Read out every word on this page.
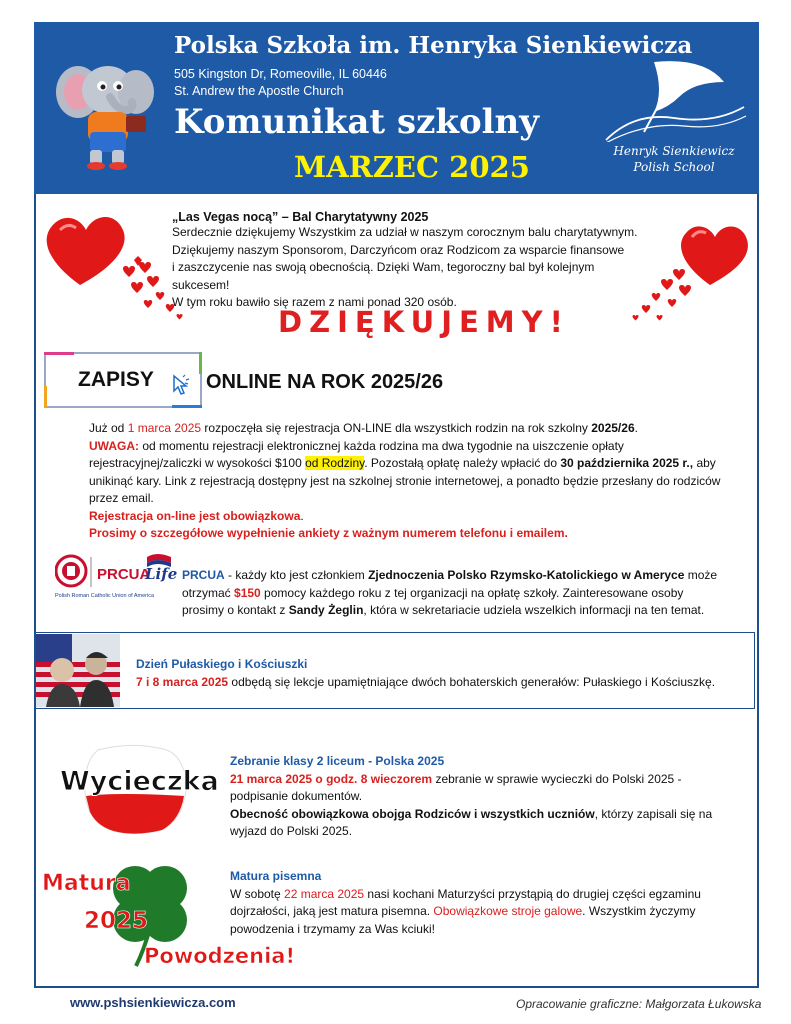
Polska Szkoła im. Henryka Sienkiewicza
505 Kingston Dr, Romeoville, IL 60446
St. Andrew the Apostle Church
Komunikat szkolny
MARZEC 2025	Henryk Sienkiewicz
Polish School
„Las Vegas nocą” – Bal Charytatywny 2025
Serdecznie dziękujemy Wszystkim za udział w naszym corocznym balu charytatywnym.
Dziękujemy naszym Sponsorom, Darczyńcom oraz Rodzicom za wsparcie finansowe
i zaszczycenie nas swoją obecnością. Dzięki Wam, tegoroczny bal był kolejnym sukcesem!
W tym roku bawiło się razem z nami ponad 320 osób.
DZIĘKUJEMY!
ZAPISY	ONLINE NA ROK 2025/26
Już od 1 marca 2025 rozpoczęła się rejestracja ON-LINE dla wszystkich rodzin na rok szkolny 2025/26.
UWAGA: od momentu rejestracji elektronicznej każda rodzina ma dwa tygodnie na uiszczenie opłaty rejestracyjnej/zaliczki w wysokości $100 od Rodziny. Pozostałą opłatę należy wpłacić do 30 października 2025 r., aby unikinąć kary. Link z rejestracją dostępny jest na szkolnej stronie internetowej, a ponadto będzie przesłany do rodziców przez email.
Rejestracja on-line jest obowiązkowa.
Prosimy o szczegółowe wypełnienie ankiety z ważnym numerem telefonu i emailem.
PRCUA
Life
Polish Roman Catholic Union of America
PRCUA - każdy kto jest członkiem Zjednoczenia Polsko Rzymsko-Katolickiego w Ameryce może otrzymać $150 pomocy każdego roku z tej organizacji na opłatę szkoły. Zainteresowane osoby prosimy o kontakt z Sandy Żeglin, która w sekretariacie udziela wszelkich informacji na ten temat.
Dzień Pułaskiego i Kościuszki
7 i 8 marca 2025 odbędą się lekcje upamiętniające dwóch bohaterskich generałów: Pułaskiego i Kościuszkę.
Wycieczka
Zebranie klasy 2 liceum - Polska 2025
21 marca 2025 o godz. 8 wieczorem zebranie w sprawie wycieczki do Polski 2025 - podpisanie dokumentów.
Obecność obowiązkowa obojga Rodziców i wszystkich uczniów, którzy zapisali się na wyjazd do Polski 2025.
Matura
2025
Powodzenia!
Matura pisemna
W sobotę 22 marca 2025 nasi kochani Maturzyści przystąpią do drugiej części egzaminu dojrzałości, jaką jest matura pisemna. Obowiązkowe stroje galowe. Wszystkim życzymy powodzenia i trzymamy za Was kciuki!
www.pshsienkiewicza.com	Opracowanie graficzne: Małgorzata Łukowska
